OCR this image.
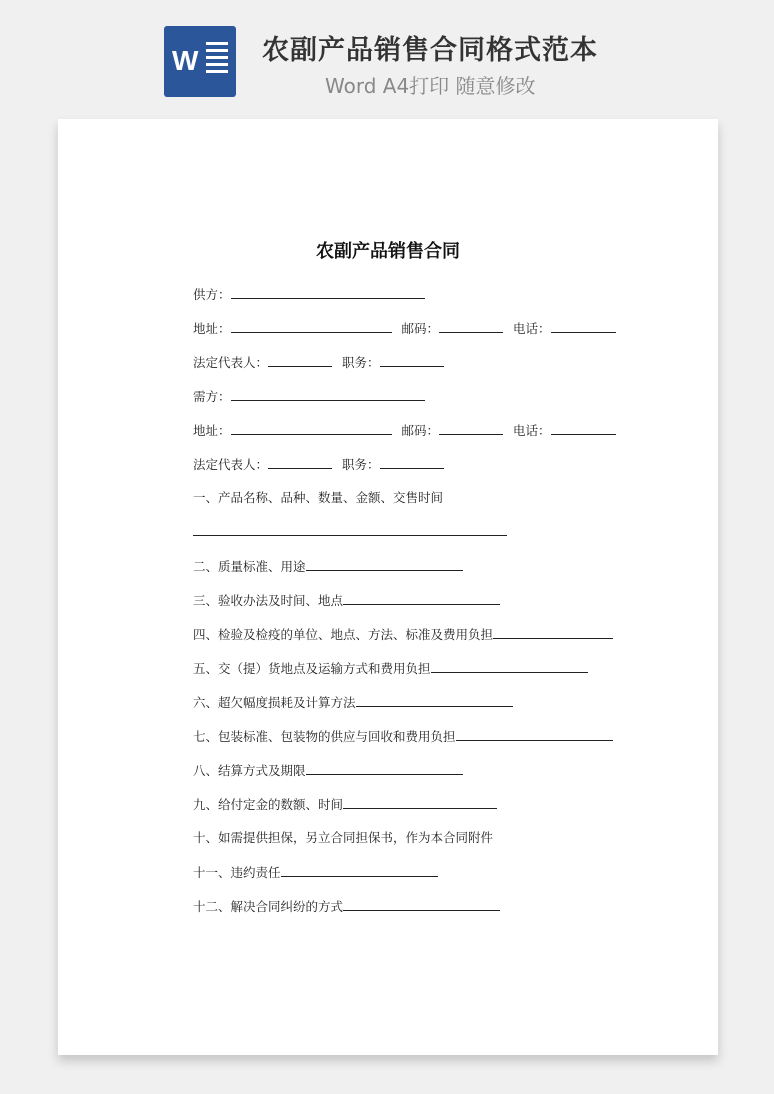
W 农副产品销售合同格式范本
Word A4打印 随意修改
农副产品销售合同
供方：
地址：	邮码：	电话：
法定代表人：	职务：
需方：
地址：	邮码：	电话：
法定代表人：	职务：
一、产品名称、品种、数量、金额、交售时间
二、质量标准、用途
三、验收办法及时间、地点
四、检验及检疫的单位、地点、方法、标准及费用负担
五、交（提）货地点及运输方式和费用负担
六、超欠幅度损耗及计算方法
七、包装标准、包装物的供应与回收和费用负担
八、结算方式及期限
九、给付定金的数额、时间
十、如需提供担保，另立合同担保书，作为本合同附件
十一、违约责任
十二、解决合同纠纷的方式
